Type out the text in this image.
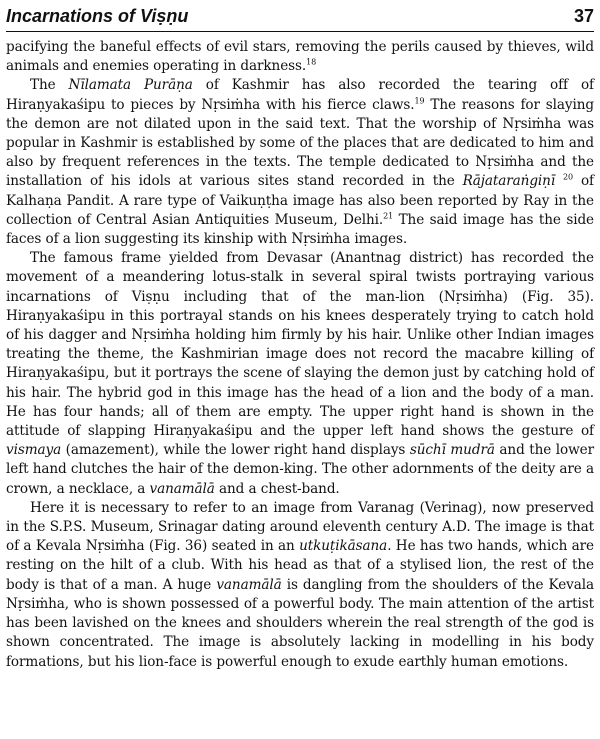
Incarnations of Viṣṇu	37

pacifying the baneful effects of evil stars, removing the perils caused by thieves, wild animals and enemies operating in darkness.$^{18}$

The Nīlamata Purāṇa of Kashmir has also recorded the tearing off of Hiraṇyakaśipu to pieces by Nṛsiṁha with his fierce claws.$^{19}$ The reasons for slaying the demon are not dilated upon in the said text. That the worship of Nṛsiṁha was popular in Kashmir is established by some of the places that are dedicated to him and also by frequent references in the texts. The temple dedicated to Nṛsiṁha and the installation of his idols at various sites stand recorded in the Rājataraṅgiṇī $^{20}$ of Kalhaṇa Pandit. A rare type of Vaikuṇṭha image has also been reported by Ray in the collection of Central Asian Antiquities Museum, Delhi.$^{21}$ The said image has the side faces of a lion suggesting its kinship with Nṛsiṁha images.

The famous frame yielded from Devasar (Anantnag district) has recorded the movement of a meandering lotus-stalk in several spiral twists portraying various incarnations of Viṣṇu including that of the man-lion (Nṛsiṁha) (Fig. 35). Hiraṇyakaśipu in this portrayal stands on his knees desperately trying to catch hold of his dagger and Nṛsiṁha holding him firmly by his hair. Unlike other Indian images treating the theme, the Kashmirian image does not record the macabre killing of Hiraṇyakaśipu, but it portrays the scene of slaying the demon just by catching hold of his hair. The hybrid god in this image has the head of a lion and the body of a man. He has four hands; all of them are empty. The upper right hand is shown in the attitude of slapping Hiraṇyakaśipu and the upper left hand shows the gesture of vismaya (amazement), while the lower right hand displays sūchī mudrā and the lower left hand clutches the hair of the demon-king. The other adornments of the deity are a crown, a necklace, a vanamālā and a chest-band.

Here it is necessary to refer to an image from Varanag (Verinag), now preserved in the S.P.S. Museum, Srinagar dating around eleventh century A.D. The image is that of a Kevala Nṛsiṁha (Fig. 36) seated in an utkuṭikāsana. He has two hands, which are resting on the hilt of a club. With his head as that of a stylised lion, the rest of the body is that of a man. A huge vanamālā is dangling from the shoulders of the Kevala Nṛsiṁha, who is shown possessed of a powerful body. The main attention of the artist has been lavished on the knees and shoulders wherein the real strength of the god is shown concentrated. The image is absolutely lacking in modelling in his body formations, but his lion-face is powerful enough to exude earthly human emotions.
